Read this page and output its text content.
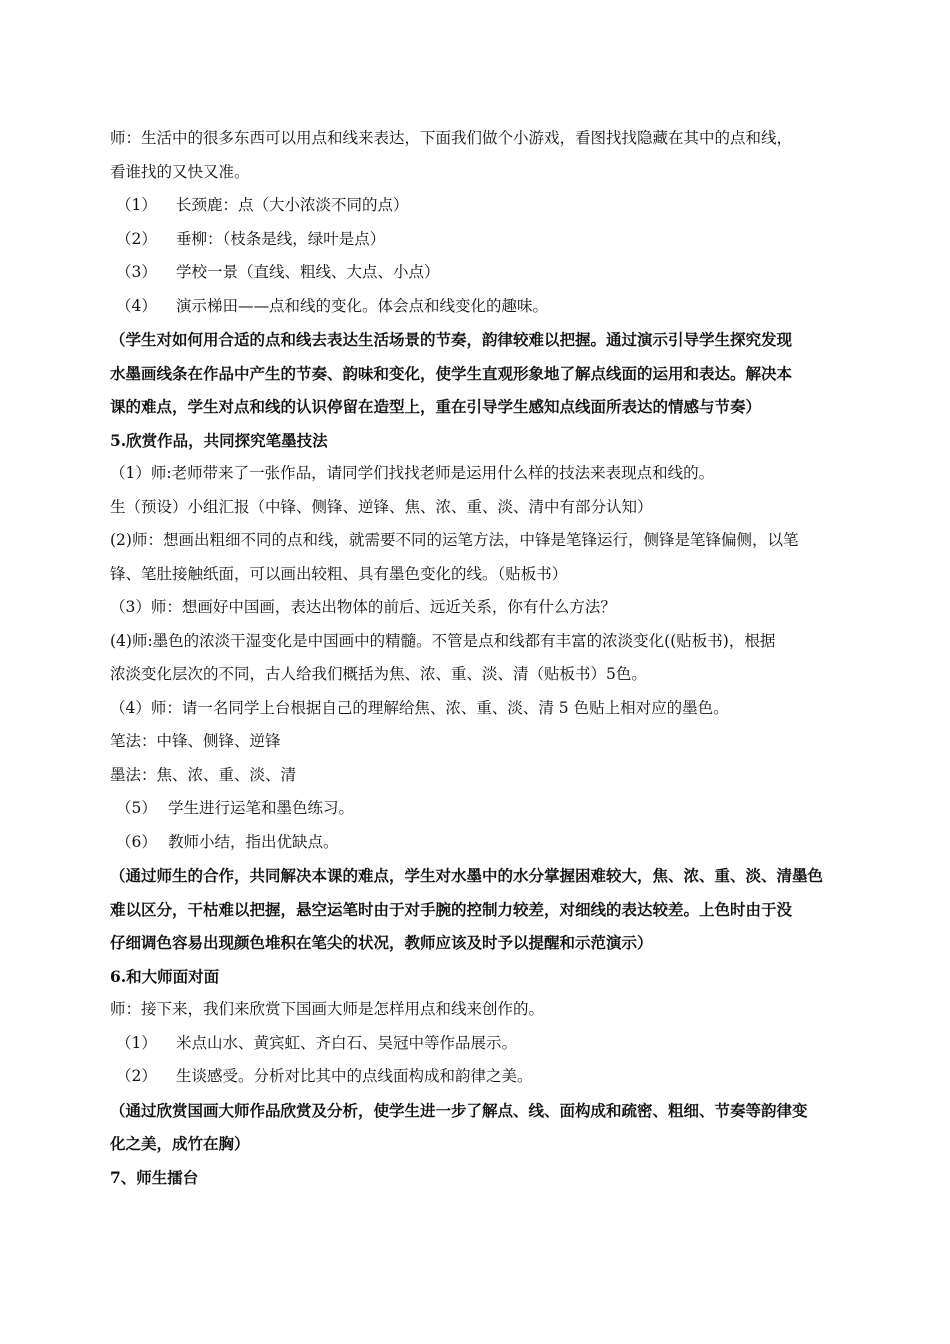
师：生活中的很多东西可以用点和线来表达，下面我们做个小游戏，看图找找隐藏在其中的点和线，
看谁找的又快又准。
（1） 长颈鹿：点（大小浓淡不同的点）
（2） 垂柳：（枝条是线，绿叶是点）
（3） 学校一景（直线、粗线、大点、小点）
（4） 演示梯田——点和线的变化。体会点和线变化的趣味。
（学生对如何用合适的点和线去表达生活场景的节奏，韵律较难以把握。通过演示引导学生探究发现
水墨画线条在作品中产生的节奏、韵味和变化，使学生直观形象地了解点线面的运用和表达。解决本
课的难点，学生对点和线的认识停留在造型上，重在引导学生感知点线面所表达的情感与节奏）
5.欣赏作品，共同探究笔墨技法
（1）师:老师带来了一张作品，请同学们找找老师是运用什么样的技法来表现点和线的。
生（预设）小组汇报（中锋、侧锋、逆锋、焦、浓、重、淡、清中有部分认知）
(2)师：想画出粗细不同的点和线，就需要不同的运笔方法，中锋是笔锋运行，侧锋是笔锋偏侧，以笔
锋、笔肚接触纸面，可以画出较粗、具有墨色变化的线。（贴板书）
（3）师：想画好中国画，表达出物体的前后、远近关系，你有什么方法？
(4)师:墨色的浓淡干湿变化是中国画中的精髓。不管是点和线都有丰富的浓淡变化((贴板书)，根据
浓淡变化层次的不同，古人给我们概括为焦、浓、重、淡、清（贴板书）5色。
（4）师：请一名同学上台根据自己的理解给焦、浓、重、淡、清 5 色贴上相对应的墨色。
笔法：中锋、侧锋、逆锋
墨法：焦、浓、重、淡、清
（5） 学生进行运笔和墨色练习。
（6） 教师小结，指出优缺点。
（通过师生的合作，共同解决本课的难点，学生对水墨中的水分掌握困难较大，焦、浓、重、淡、清墨色
难以区分，干枯难以把握，悬空运笔时由于对手腕的控制力较差，对细线的表达较差。上色时由于没
仔细调色容易出现颜色堆积在笔尖的状况，教师应该及时予以提醒和示范演示）
6.和大师面对面
师：接下来，我们来欣赏下国画大师是怎样用点和线来创作的。
（1） 米点山水、黄宾虹、齐白石、吴冠中等作品展示。
（2） 生谈感受。分析对比其中的点线面构成和韵律之美。
（通过欣赏国画大师作品欣赏及分析，使学生进一步了解点、线、面构成和疏密、粗细、节奏等韵律变
化之美，成竹在胸）
7、师生擂台
